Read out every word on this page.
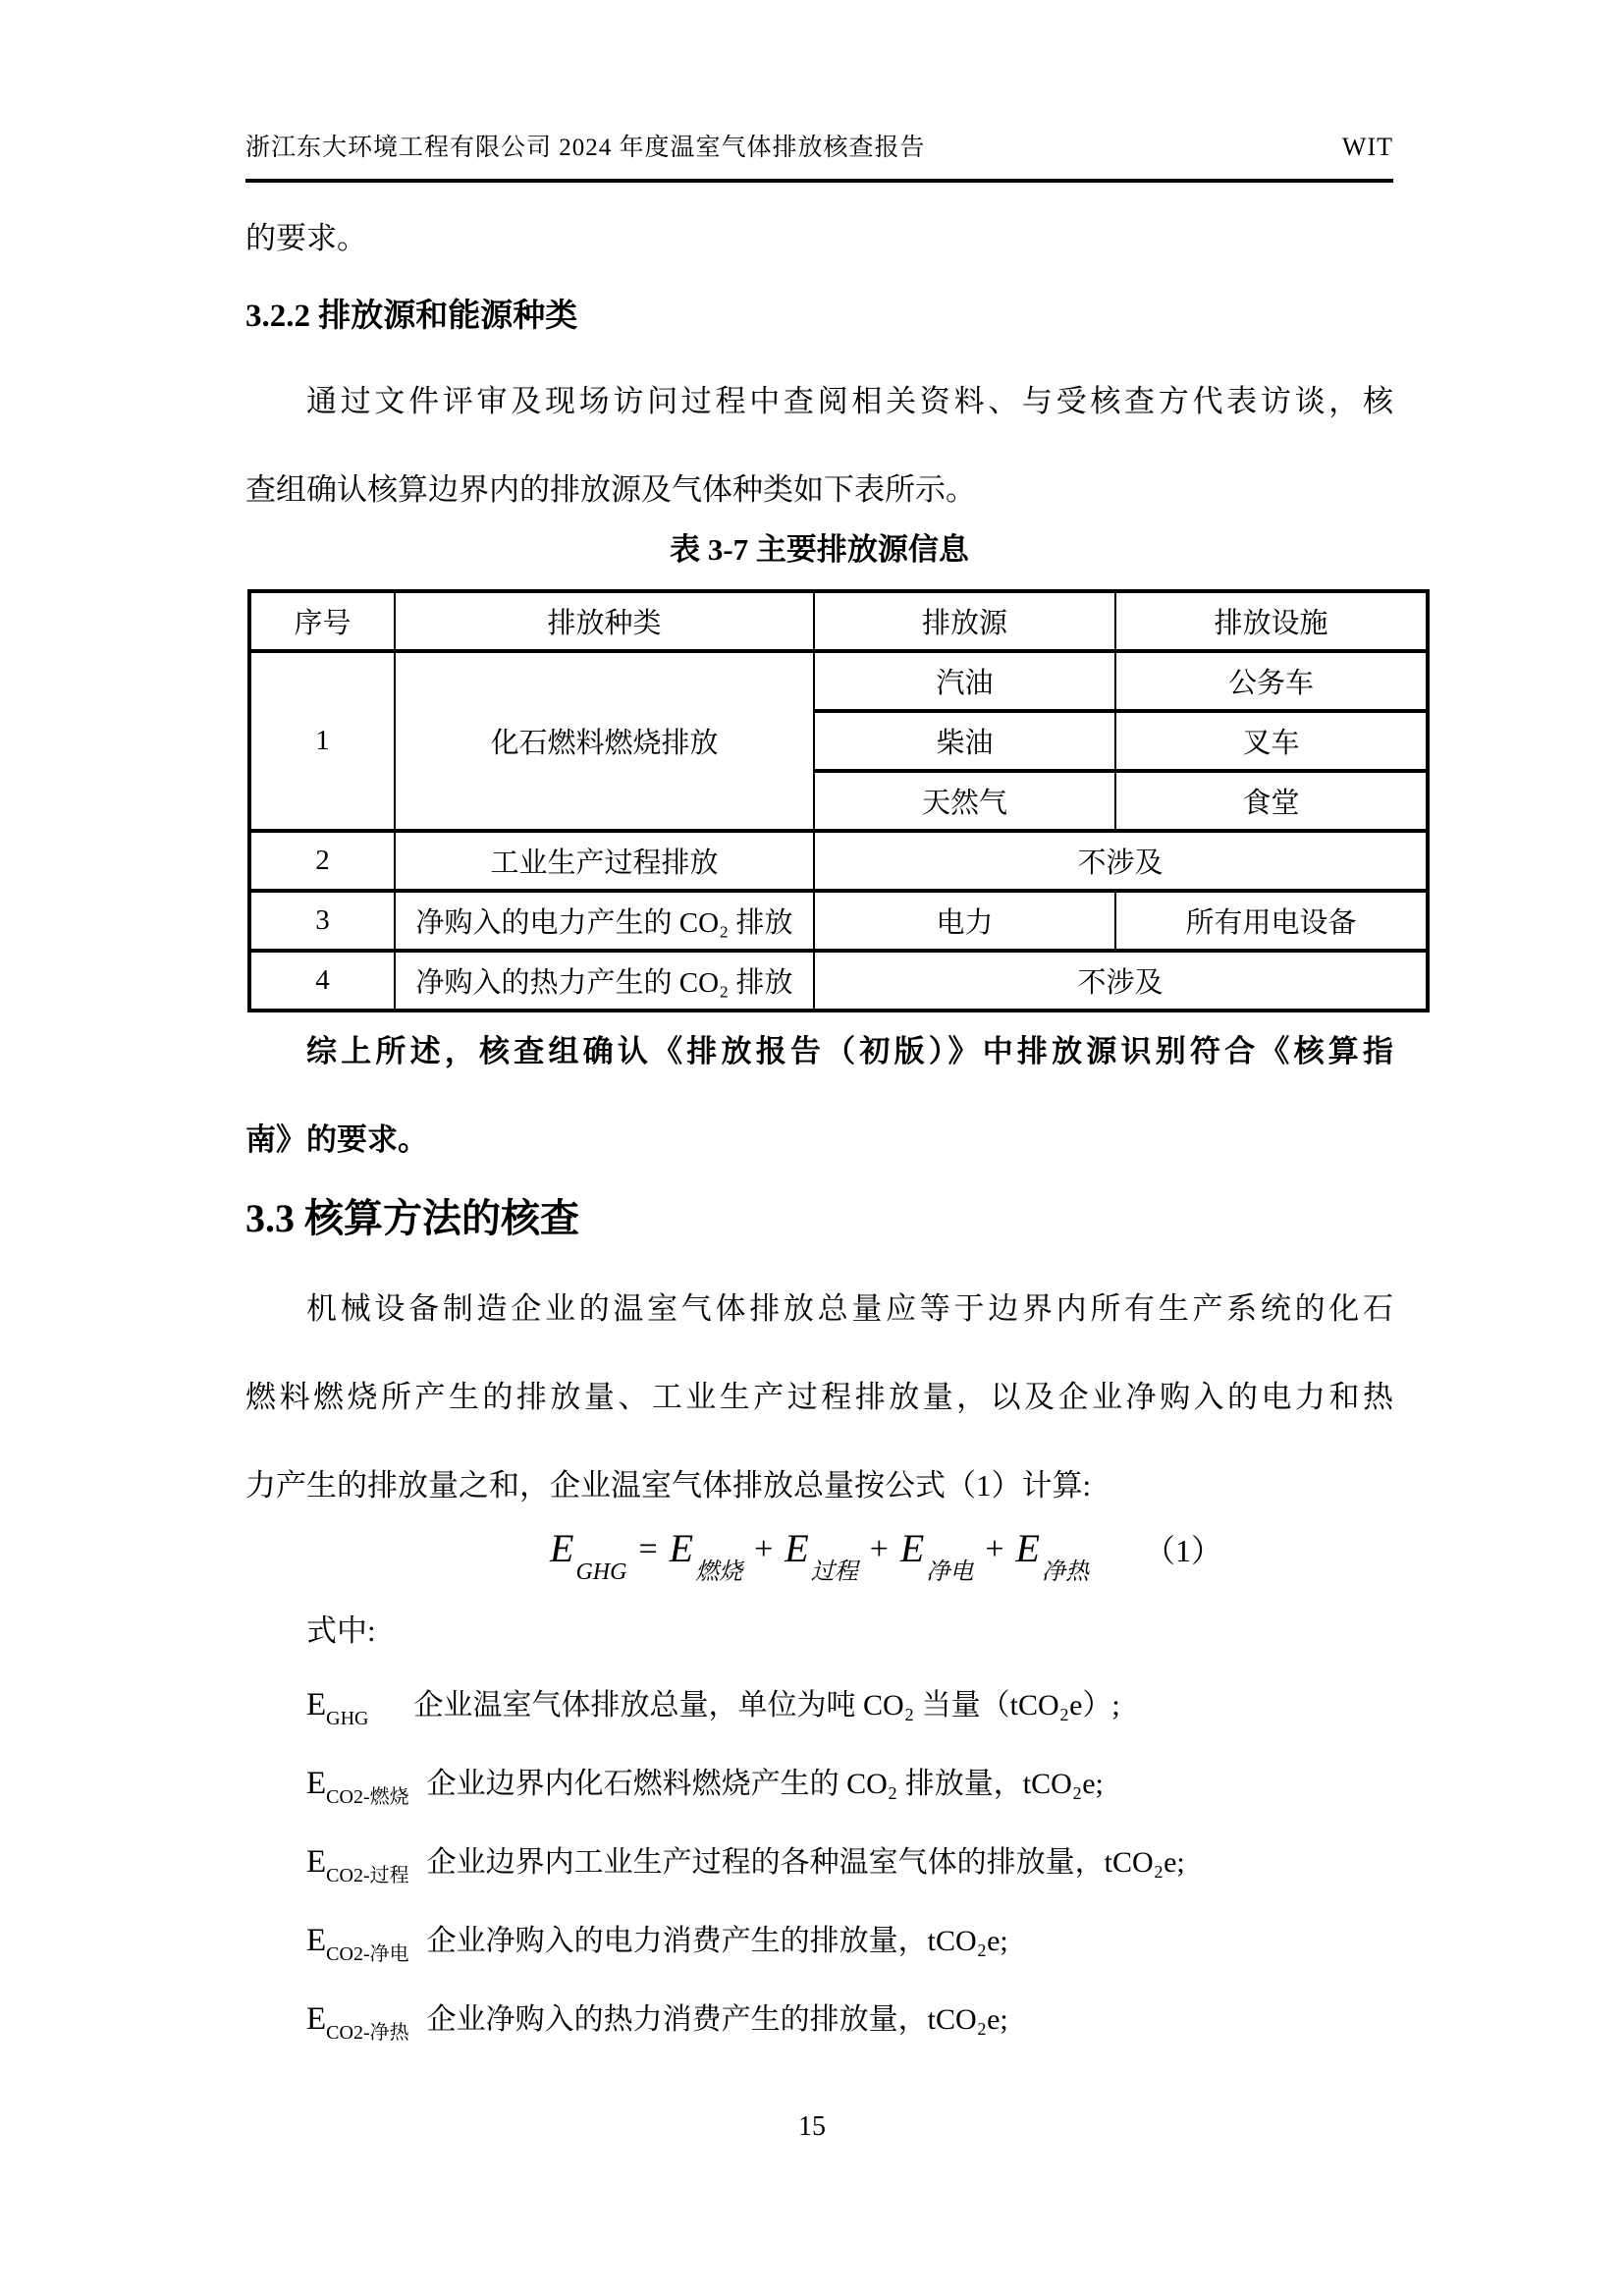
浙江东大环境工程有限公司 2024 年度温室气体排放核查报告	WIT
的要求。
3.2.2 排放源和能源种类
通过文件评审及现场访问过程中查阅相关资料、与受核查方代表访谈，核
查组确认核算边界内的排放源及气体种类如下表所示。
表 3-7 主要排放源信息
序号	排放种类	排放源	排放设施
1	化石燃料燃烧排放	汽油	公务车
		柴油	叉车
		天然气	食堂
2	工业生产过程排放	不涉及	
3	净购入的电力产生的 CO₂ 排放	电力	所有用电设备
4	净购入的热力产生的 CO₂ 排放	不涉及	
综上所述，核查组确认《排放报告（初版）》中排放源识别符合《核算指
南》的要求。
3.3 核算方法的核查
机械设备制造企业的温室气体排放总量应等于边界内所有生产系统的化石
燃料燃烧所产生的排放量、工业生产过程排放量，以及企业净购入的电力和热
力产生的排放量之和，企业温室气体排放总量按公式（1）计算:
$E_{GHG}$
= $E_{燃烧}$
+ $E_{过程}$
+ $E_{净电}$
+ $E_{净热}$
（1）
式中:
$E_{GHG}$ 企业温室气体排放总量，单位为吨 CO₂ 当量（tCO₂e）;
$E_{CO2-燃烧}$ 企业边界内化石燃料燃烧产生的 CO₂ 排放量，tCO₂e;
$E_{CO2-过程}$ 企业边界内工业生产过程的各种温室气体的排放量，tCO₂e;
$E_{CO2-净电}$ 企业净购入的电力消费产生的排放量，tCO₂e;
$E_{CO2-净热}$ 企业净购入的热力消费产生的排放量，tCO₂e;
15
